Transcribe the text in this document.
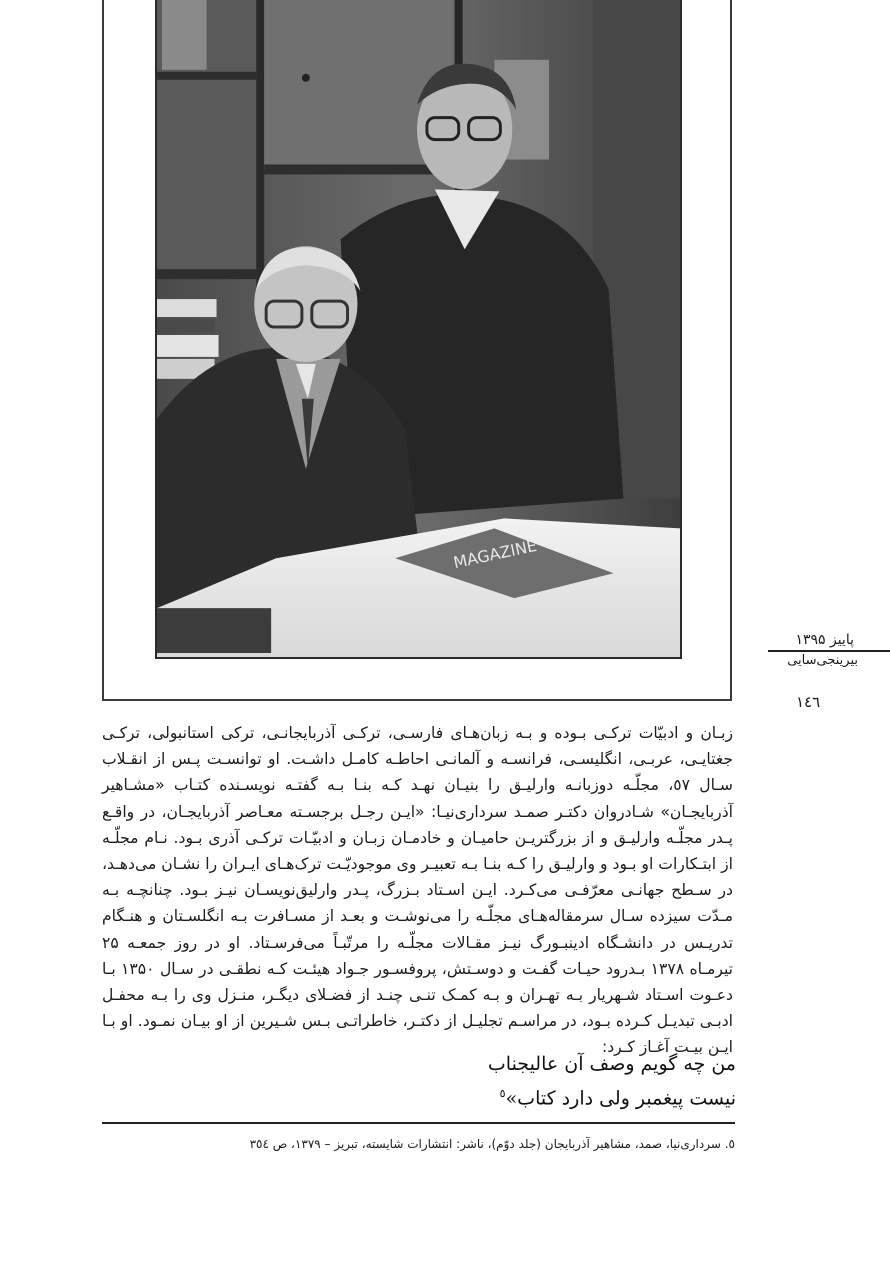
MAGAZINE
پاییز ۱۳۹۵
بیرینجی‌سایی
۱٤٦

زبـان و ادبیّات ترکـی بـوده و بـه زبان‌هـای فارسـی، ترکـی آذربایجانـی، ترکی استانبولی، ترکـی جغتایـی، عربـی، انگلیسـی، فرانسـه و آلمانـی احاطـه کامـل داشـت. او توانسـت پـس از انقـلاب سـال ٥٧، مجلّـه دوزبانـه وارلیـق را بنیـان نهـد کـه بنـا بـه گفتـه نویسـنده کتـاب «مشـاهیر آذربایجـان» شـادروان دکتـر صمـد سرداری‌نیـا: «ایـن رجـل برجسـته معـاصر آذربایجـان، در واقـع پـدر مجلّـه وارلیـق و از بزرگتریـن حامیـان و خادمـان زبـان و ادبیّـات ترکـی آذری بـود. نـام مجلّـه از ابتـکارات او بـود و وارلیـق را کـه بنـا بـه تعبیـر وی موجودیّـت ترک‌هـای ایـران را نشـان می‌دهـد، در سـطح جهانـی معرّفـی می‌کـرد. ایـن اسـتاد بـزرگ، پـدر وارلیق‌نویسـان نیـز بـود. چنانچـه بـه مـدّت سیزده سـال سرمقاله‌هـای مجلّـه را می‌نوشـت و بعـد از مسـافرت بـه انگلسـتان و هنـگام تدریـس در دانشـگاه ادینبـورگ نیـز مقـالات مجلّـه را مرتّبـاً می‌فرسـتاد. او در روز جمعـه ۲۵ تیرمـاه ۱۳۷۸ بـدرود حیـات گفـت و دوسـتش، پروفسـور جـواد هیئـت کـه نطقـی در سـال ۱۳۵۰ بـا دعـوت اسـتاد شـهریار بـه تهـران و بـه کمـک تنـی چنـد از فضـلای دیگـر، منـزل وی را بـه محفـل ادبـی تبدیـل کـرده بـود، در مراسـم تجلیـل از دکتـر، خاطراتـی بـس شـیرین از او بیـان نمـود. او بـا ایـن بیـت آغـاز کـرد:

من چه گویم وصف آن عالیجناب
نیست پیغمبر ولی دارد کتاب»$^٥$
٥. سرداری‌نیا، صمد، مشاهیر آذربایجان (جلد دوّم)، ناشر: انتشارات شایسته، تبریز – ۱۳۷۹، ص ۳٥٤
